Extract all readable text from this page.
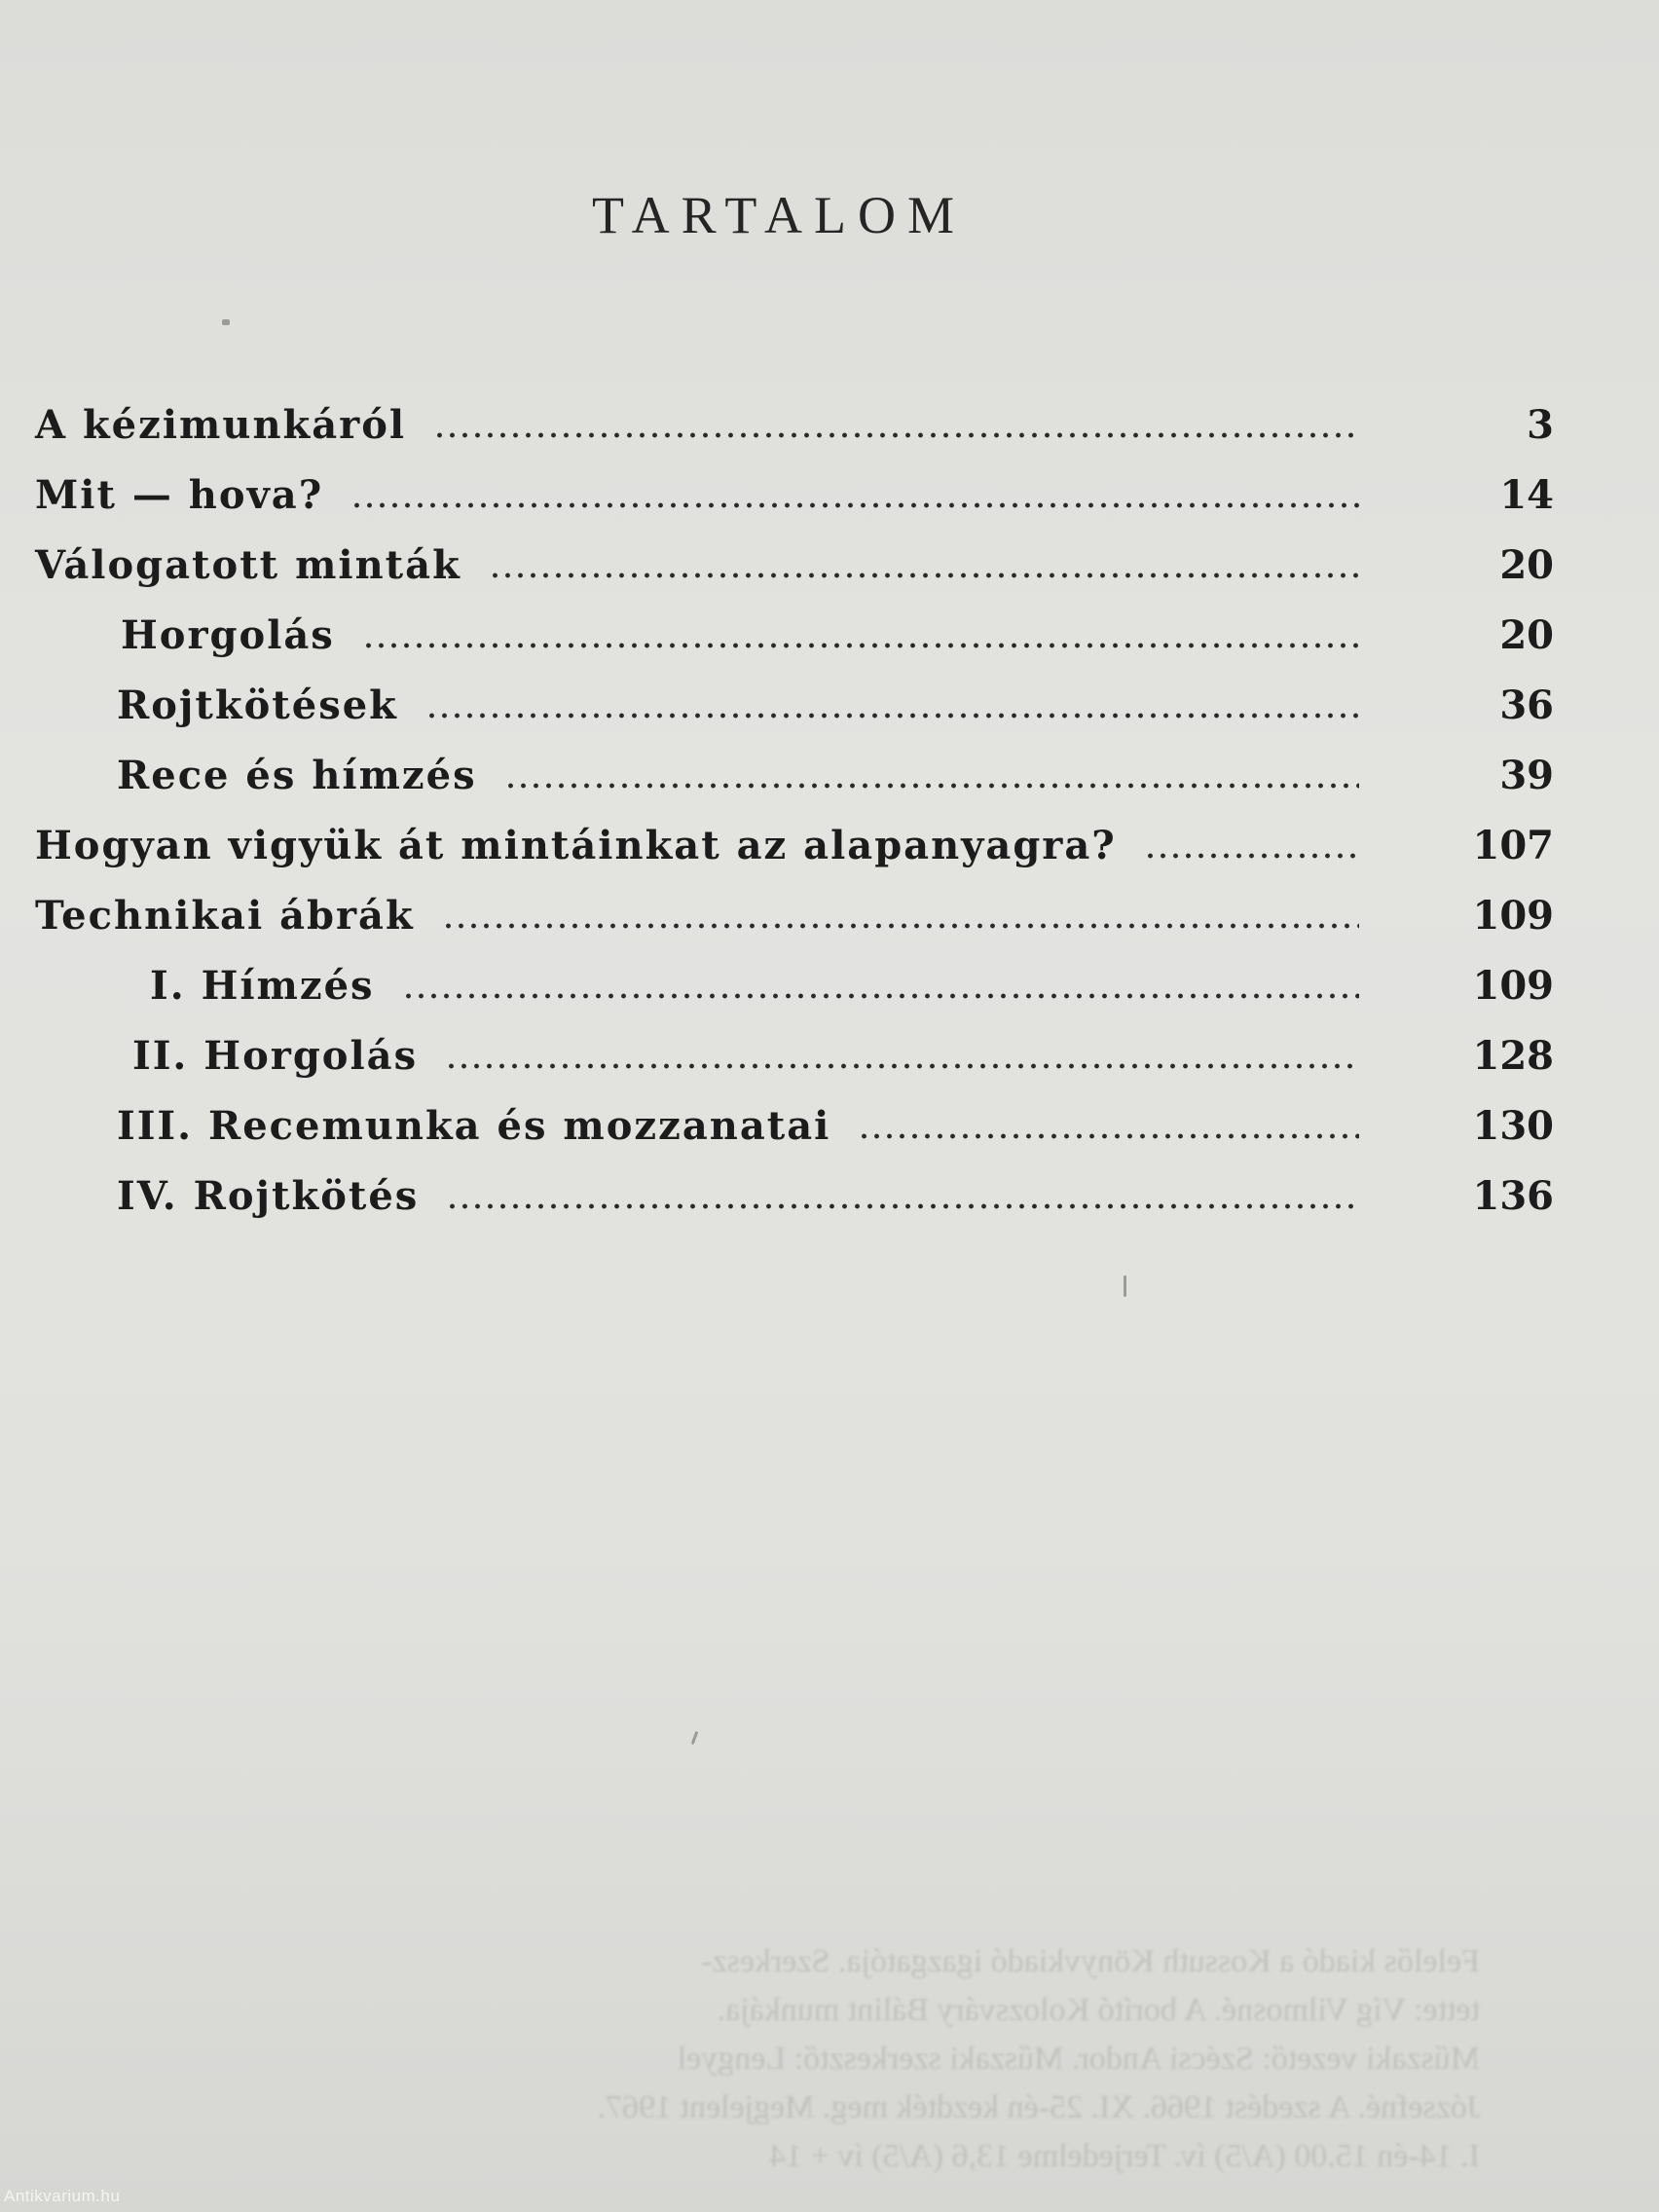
TARTALOM
A kézimunkáról	3
Mit — hova?	14
Válogatott minták	20
Horgolás	20
Rojtkötések	36
Rece és hímzés	39
Hogyan vigyük át mintáinkat az alapanyagra?	107
Technikai ábrák	109
I. Hímzés	109
II. Horgolás	128
III. Recemunka és mozzanatai	130
IV. Rojtkötés	136
Felelős kiadó a Kossuth Könyvkiadó igazgatója. Szerkesz-
tette: Víg Vilmosné. A borító Kolozsváry Bálint munkája.
Műszaki vezető: Szécsi Andor. Műszaki szerkesztő: Lengyel
Józsefné. A szedést 1966. XI. 25-én kezdték meg. Megjelent 1967.
I. 14-én 15.00 (A/5) ív. Terjedelme 13,6 (A/5) ív + 14
Antikvarium.hu
